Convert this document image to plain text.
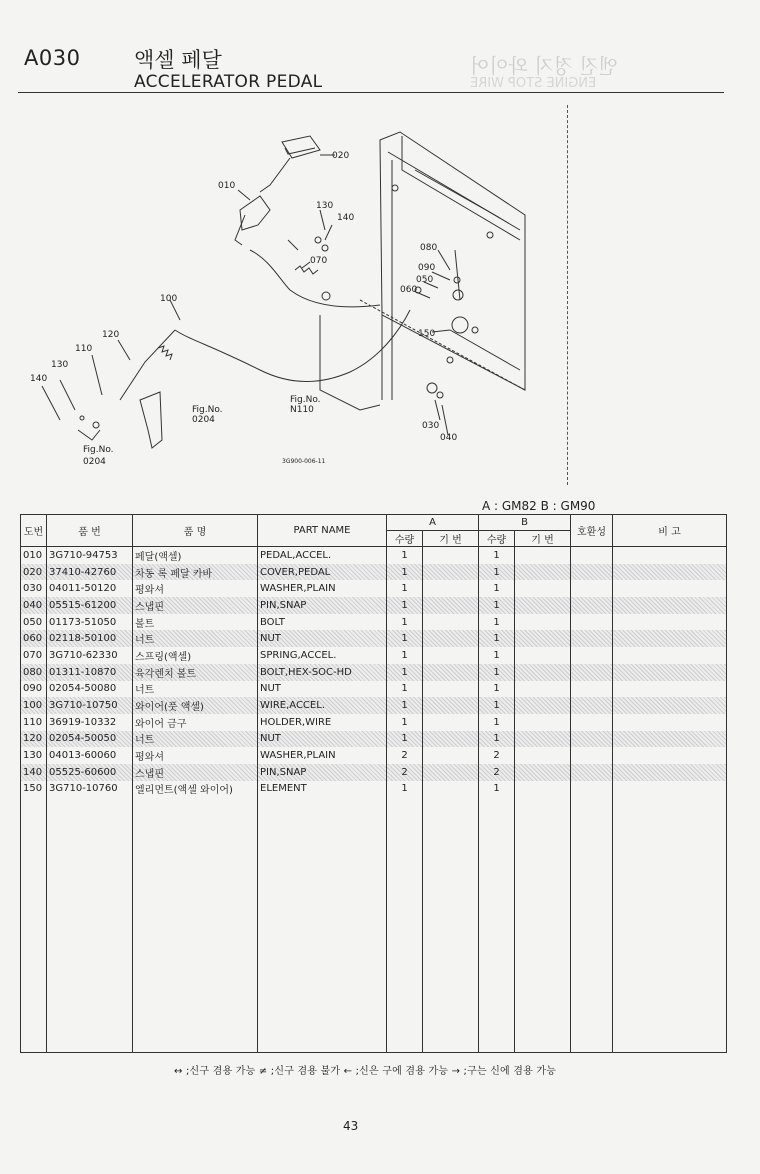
엔진 정지 와이어
ENGINE STOP WIRE
A030	액셀 페달
ACCELERATOR PEDAL
020
010
130
140
070
080
090
050
060
150
100
120
110
130
140
030
040
Fig.No.
0204
Fig.No.
0204
Fig.No.
N110
3G900-006-11
A : GM82 B : GM90
도번	품 번	품 명	PART NAME	A		B		호환성	비 고
				수량	기 번	수량	기 번		
010	3G710-94753	페달(액셀)	PEDAL,ACCEL.	1		1			
020	37410-42760	차동 록 페달 카바	COVER,PEDAL	1		1			
030	04011-50120	평와셔	WASHER,PLAIN	1		1			
040	05515-61200	스냅핀	PIN,SNAP	1		1			
050	01173-51050	볼트	BOLT	1		1			
060	02118-50100	너트	NUT	1		1			
070	3G710-62330	스프링(액셀)	SPRING,ACCEL.	1		1			
080	01311-10870	육각렌치 볼트	BOLT,HEX-SOC-HD	1		1			
090	02054-50080	너트	NUT	1		1			
100	3G710-10750	와이어(풋 액셀)	WIRE,ACCEL.	1		1			
110	36919-10332	와이어 금구	HOLDER,WIRE	1		1			
120	02054-50050	너트	NUT	1		1			
130	04013-60060	평와셔	WASHER,PLAIN	2		2			
140	05525-60600	스냅핀	PIN,SNAP	2		2			
150	3G710-10760	엘리먼트(액셀 와이어)	ELEMENT	1		1			

↔ ;신구 겸용 가능 ≠ ;신구 겸용 불가 ← ;신은 구에 겸용 가능 → ;구는 신에 겸용 가능
43
